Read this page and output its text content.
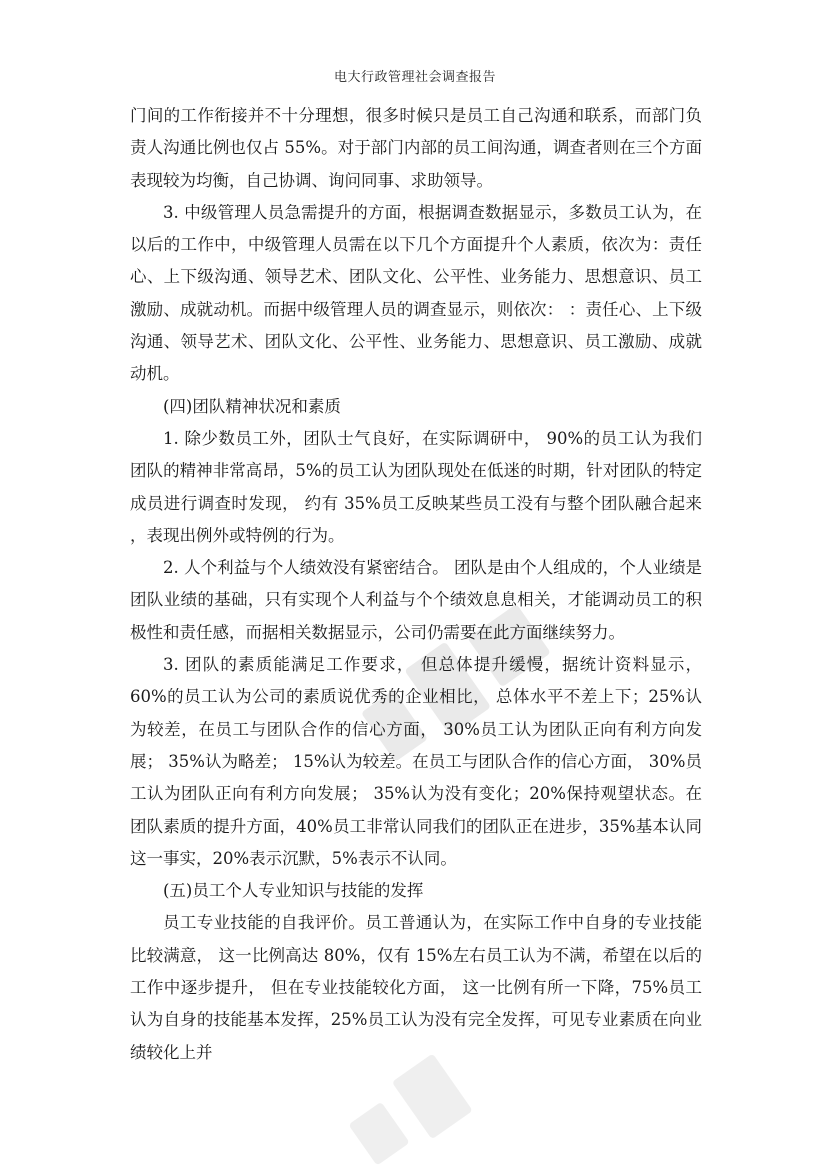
电大行政管理社会调查报告

门间的工作衔接并不十分理想，很多时候只是员工自己沟通和联系，而部门负责人沟通比例也仅占 55%。对于部门内部的员工间沟通，调查者则在三个方面表现较为均衡，自己协调、询问同事、求助领导。

3. 中级管理人员急需提升的方面，根据调查数据显示，多数员工认为，在以后的工作中，中级管理人员需在以下几个方面提升个人素质，依次为：责任心、上下级沟通、领导艺术、团队文化、公平性、业务能力、思想意识、员工激励、成就动机。而据中级管理人员的调查显示，则依次： ：责任心、上下级沟通、领导艺术、团队文化、公平性、业务能力、思想意识、员工激励、成就动机。

(四)团队精神状况和素质

1. 除少数员工外，团队士气良好，在实际调研中， 90%的员工认为我们团队的精神非常高昂，5%的员工认为团队现处在低迷的时期，针对团队的特定成员进行调查时发现， 约有 35%员工反映某些员工没有与整个团队融合起来 ，表现出例外或特例的行为。

2. 人个利益与个人绩效没有紧密结合。 团队是由个人组成的，个人业绩是团队业绩的基础，只有实现个人利益与个个绩效息息相关，才能调动员工的积极性和责任感，而据相关数据显示，公司仍需要在此方面继续努力。

3. 团队的素质能满足工作要求， 但总体提升缓慢，据统计资料显示， 60%的员工认为公司的素质说优秀的企业相比， 总体水平不差上下；25%认为较差，在员工与团队合作的信心方面， 30%员工认为团队正向有利方向发展； 35%认为略差； 15%认为较差。在员工与团队合作的信心方面， 30%员工认为团队正向有利方向发展； 35%认为没有变化；20%保持观望状态。在团队素质的提升方面，40%员工非常认同我们的团队正在进步，35%基本认同这一事实，20%表示沉默，5%表示不认同。

(五)员工个人专业知识与技能的发挥

员工专业技能的自我评价。员工普通认为，在实际工作中自身的专业技能比较满意， 这一比例高达 80%，仅有 15%左右员工认为不满，希望在以后的工作中逐步提升， 但在专业技能较化方面， 这一比例有所一下降，75%员工认为自身的技能基本发挥，25%员工认为没有完全发挥，可见专业素质在向业绩较化上并
